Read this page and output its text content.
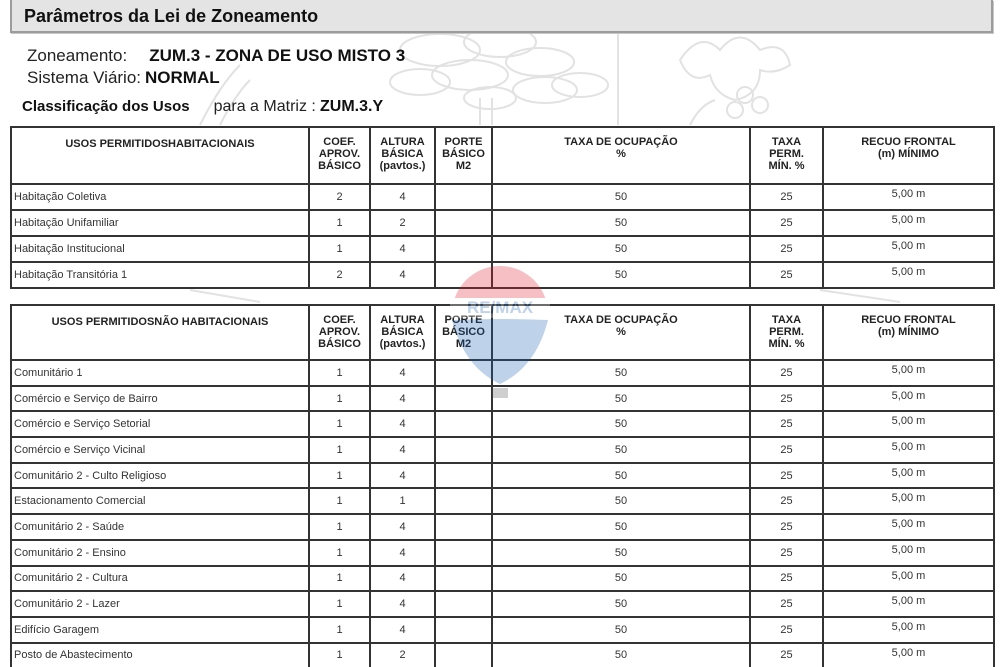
Parâmetros da Lei de Zoneamento
Zoneamento: ZUM.3 - ZONA DE USO MISTO 3
Sistema Viário: NORMAL
Classificação dos Usos para a Matriz : ZUM.3.Y
USOS PERMITIDOSHABITACIONAIS	COEF.
APROV.
BÁSICO	ALTURA
BÁSICA
(pavtos.)	PORTE
BÁSICO
M2	TAXA DE OCUPAÇÃO
%	TAXA
PERM.
MÍN. %	RECUO FRONTAL
(m) MÍNIMO
Habitação Coletiva	2	4		50	25	5,00 m
Habitação Unifamiliar	1	2		50	25	5,00 m
Habitação Institucional	1	4		50	25	5,00 m
Habitação Transitória 1	2	4		50	25	5,00 m
USOS PERMITIDOSNÃO HABITACIONAIS	COEF.
APROV.
BÁSICO	ALTURA
BÁSICA
(pavtos.)	PORTE
BÁSICO
M2	TAXA DE OCUPAÇÃO
%	TAXA
PERM.
MÍN. %	RECUO FRONTAL
(m) MÍNIMO
Comunitário 1	1	4		50	25	5,00 m
Comércio e Serviço de Bairro	1	4		50	25	5,00 m
Comércio e Serviço Setorial	1	4		50	25	5,00 m
Comércio e Serviço Vicinal	1	4		50	25	5,00 m
Comunitário 2 - Culto Religioso	1	4		50	25	5,00 m
Estacionamento Comercial	1	1		50	25	5,00 m
Comunitário 2 - Saúde	1	4		50	25	5,00 m
Comunitário 2 - Ensino	1	4		50	25	5,00 m
Comunitário 2 - Cultura	1	4		50	25	5,00 m
Comunitário 2 - Lazer	1	4		50	25	5,00 m
Edifício Garagem	1	4		50	25	5,00 m
Posto de Abastecimento	1	2		50	25	5,00 m
RE/MAX
